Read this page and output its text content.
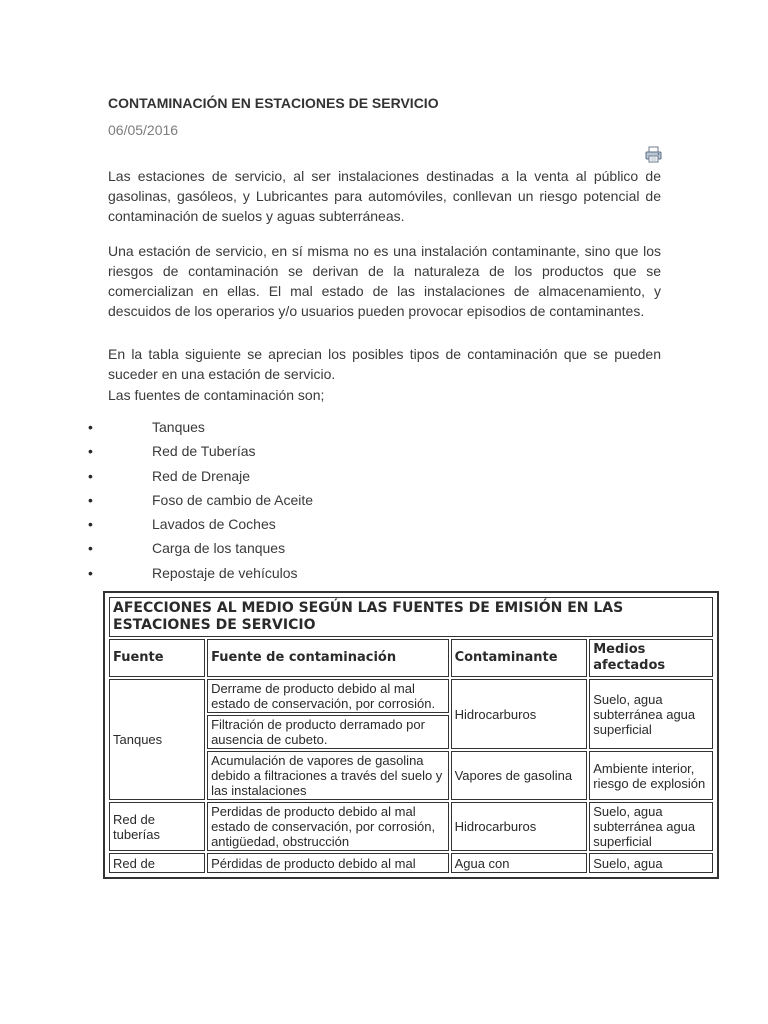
CONTAMINACIÓN EN ESTACIONES DE SERVICIO
06/05/2016

Las estaciones de servicio, al ser instalaciones destinadas a la venta al público de gasolinas, gasóleos, y Lubricantes para automóviles, conllevan un riesgo potencial de contaminación de suelos y aguas subterráneas.

Una estación de servicio, en sí misma no es una instalación contaminante, sino que los riesgos de contaminación se derivan de la naturaleza de los productos que se comercializan en ellas. El mal estado de las instalaciones de almacenamiento, y descuidos de los operarios y/o usuarios pueden provocar episodios de contaminantes.

En la tabla siguiente se aprecian los posibles tipos de contaminación que se pueden suceder en una estación de servicio.

Las fuentes de contaminación son;

•	Tanques
•	Red de Tuberías
•	Red de Drenaje
•	Foso de cambio de Aceite
•	Lavados de Coches
•	Carga de los tanques
•	Repostaje de vehículos
AFECCIONES AL MEDIO SEGÚN LAS FUENTES DE EMISIÓN EN LAS ESTACIONES DE SERVICIO			
Fuente	Fuente de contaminación	Contaminante	Medios afectados
Tanques	Derrame de producto debido al mal estado de conservación, por corrosión.	Hidrocarburos	Suelo, agua subterránea agua superficial
	Filtración de producto derramado por ausencia de cubeto.		
	Acumulación de vapores de gasolina debido a filtraciones a través del suelo y las instalaciones	Vapores de gasolina	Ambiente interior, riesgo de explosión
Red de tuberías	Perdidas de producto debido al mal estado de conservación, por corrosión, antigüedad, obstrucción	Hidrocarburos	Suelo, agua subterránea agua superficial
Red de	Pérdidas de producto debido al mal	Agua con	Suelo, agua
